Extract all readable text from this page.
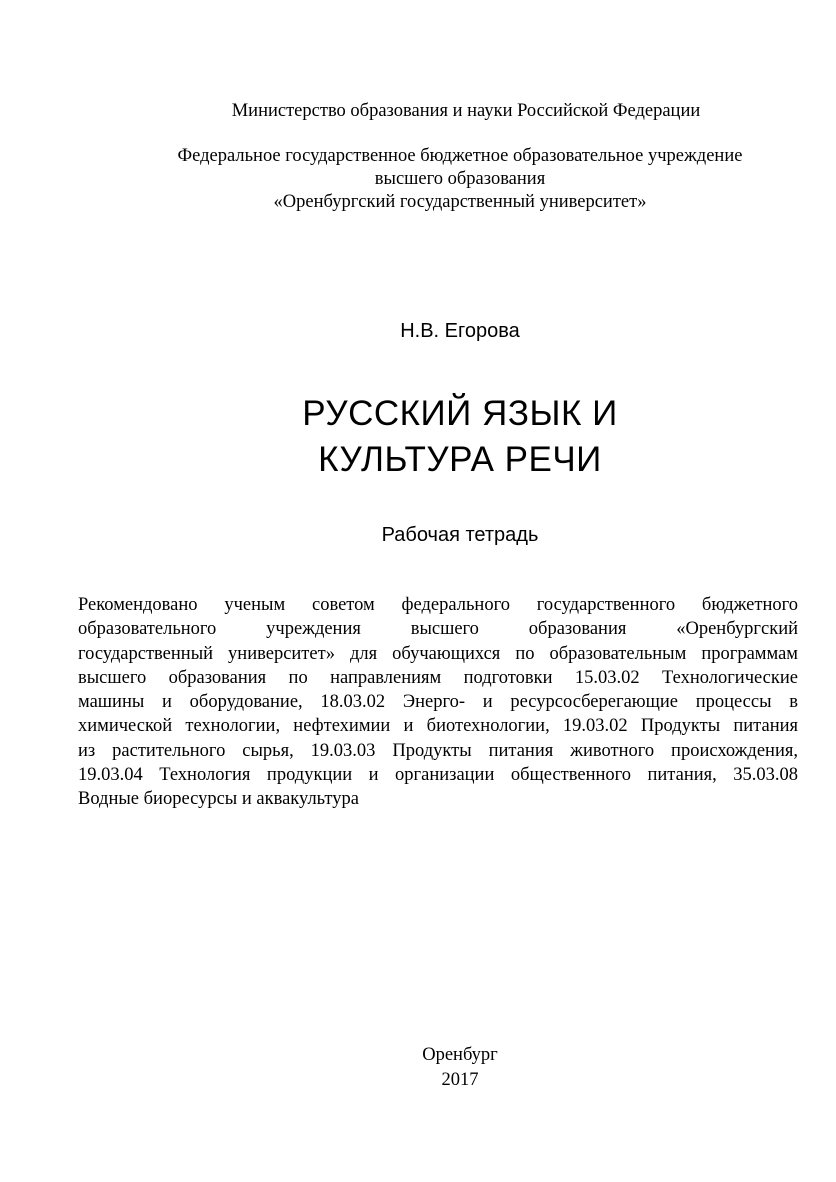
Министерство образования и науки Российской Федерации
Федеральное государственное бюджетное образовательное учреждение
высшего образования
«Оренбургский государственный университет»
Н.В. Егорова
РУССКИЙ ЯЗЫК И
КУЛЬТУРА РЕЧИ
Рабочая тетрадь
Рекомендовано ученым советом федерального государственного бюджетного
образовательного учреждения высшего образования «Оренбургский
государственный университет» для обучающихся по образовательным программам
высшего образования по направлениям подготовки 15.03.02 Технологические
машины и оборудование, 18.03.02 Энерго- и ресурсосберегающие процессы в
химической технологии, нефтехимии и биотехнологии, 19.03.02 Продукты питания
из растительного сырья, 19.03.03 Продукты питания животного происхождения,
19.03.04 Технология продукции и организации общественного питания, 35.03.08
Водные биоресурсы и аквакультура
Оренбург
2017
